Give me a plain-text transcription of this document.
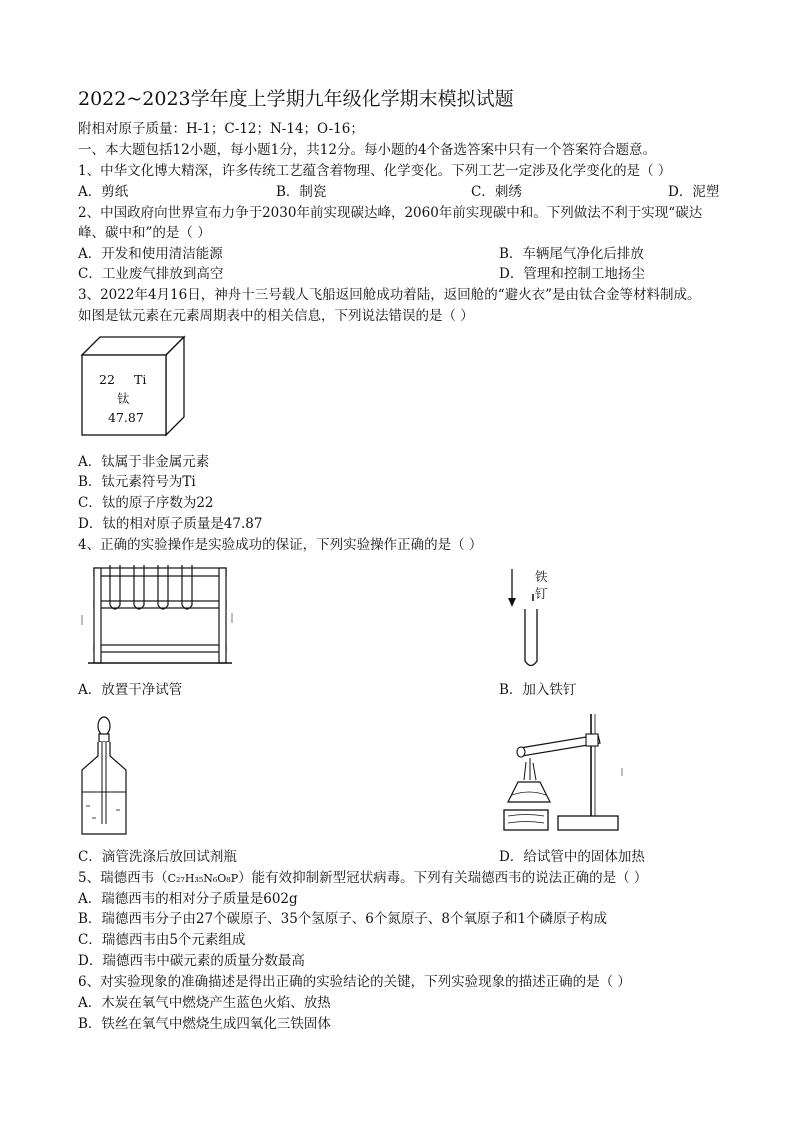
2022~2023学年度上学期九年级化学期末模拟试题
附相对原子质量：H-1；C-12；N-14；O-16；
一、本大题包括12小题，每小题1分，共12分。每小题的4个备选答案中只有一个答案符合题意。
1、中华文化博大精深，许多传统工艺蕴含着物理、化学变化。下列工艺一定涉及化学变化的是（ ）
A．剪纸	B．制瓷	C．刺绣	D．泥塑
2、中国政府向世界宣布力争于2030年前实现碳达峰，2060年前实现碳中和。下列做法不利于实现“碳达
峰、碳中和”的是（ ）
A．开发和使用清洁能源	B．车辆尾气净化后排放
C．工业废气排放到高空	D．管理和控制工地扬尘
3、2022年4月16日，神舟十三号载人飞船返回舱成功着陆，返回舱的“避火衣”是由钛合金等材料制成。
如图是钛元素在元素周期表中的相关信息，下列说法错误的是（ ）
22 Ti
钛
47.87
A．钛属于非金属元素
B．钛元素符号为Ti
C．钛的原子序数为22
D．钛的相对原子质量是47.87
4、正确的实验操作是实验成功的保证，下列实验操作正确的是（ ）
A．放置干净试管
铁
钉
B．加入铁钉
C．滴管洗涤后放回试剂瓶	D．给试管中的固体加热
5、瑞德西韦（C₂₇H₃₅N₆O₈P）能有效抑制新型冠状病毒。下列有关瑞德西韦的说法正确的是（ ）
A．瑞德西韦的相对分子质量是602g
B．瑞德西韦分子由27个碳原子、35个氢原子、6个氮原子、8个氧原子和1个磷原子构成
C．瑞德西韦由5个元素组成
D．瑞德西韦中碳元素的质量分数最高
6、对实验现象的准确描述是得出正确的实验结论的关键，下列实验现象的描述正确的是（ ）
A．木炭在氧气中燃烧产生蓝色火焰、放热
B．铁丝在氧气中燃烧生成四氧化三铁固体
